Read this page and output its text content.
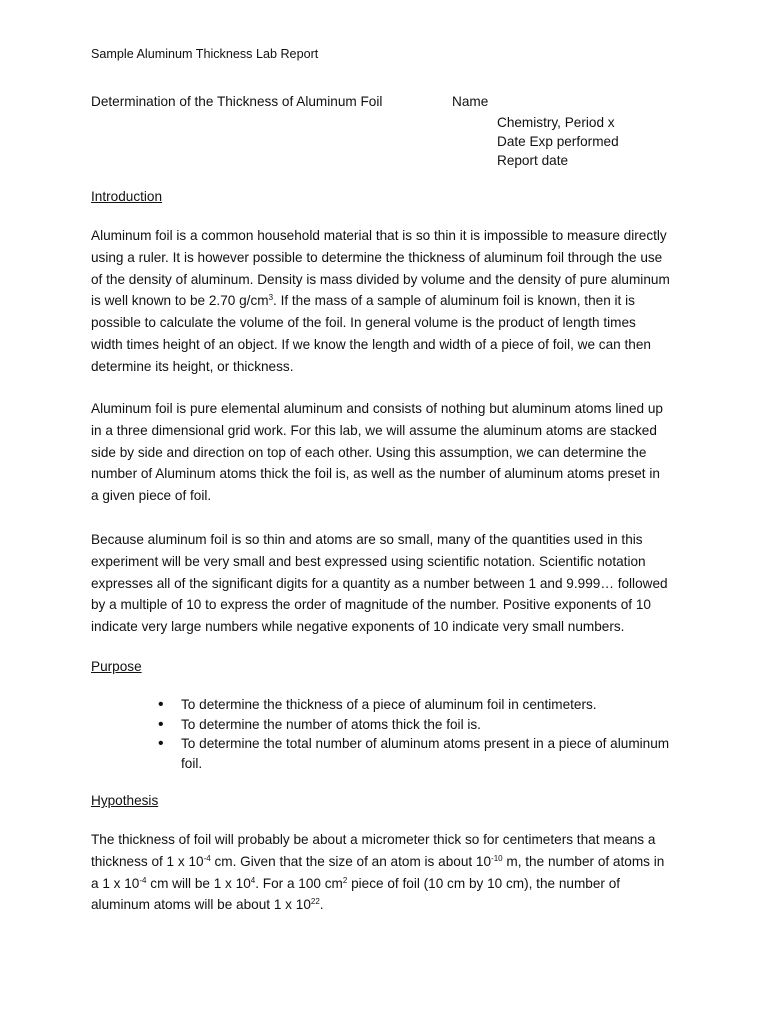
Sample Aluminum Thickness Lab Report
Determination of the Thickness of Aluminum Foil	Name
Chemistry, Period x
Date Exp performed
Report date
Introduction

Aluminum foil is a common household material that is so thin it is impossible to measure directly
using a ruler. It is however possible to determine the thickness of aluminum foil through the use
of the density of aluminum. Density is mass divided by volume and the density of pure aluminum
is well known to be 2.70 $g/cm^3$. If the mass of a sample of aluminum foil is known, then it is
possible to calculate the volume of the foil. In general volume is the product of length times
width times height of an object. If we know the length and width of a piece of foil, we can then
determine its height, or thickness.

Aluminum foil is pure elemental aluminum and consists of nothing but aluminum atoms lined up
in a three dimensional grid work. For this lab, we will assume the aluminum atoms are stacked
side by side and direction on top of each other. Using this assumption, we can determine the
number of Aluminum atoms thick the foil is, as well as the number of aluminum atoms preset in
a given piece of foil.

Because aluminum foil is so thin and atoms are so small, many of the quantities used in this
experiment will be very small and best expressed using scientific notation. Scientific notation
expresses all of the significant digits for a quantity as a number between 1 and 9.999… followed
by a multiple of 10 to express the order of magnitude of the number. Positive exponents of 10
indicate very large numbers while negative exponents of 10 indicate very small numbers.

Purpose
• To determine the thickness of a piece of aluminum foil in centimeters.
• To determine the number of atoms thick the foil is.
• To determine the total number of aluminum atoms present in a piece of aluminum foil.
Hypothesis

The thickness of foil will probably be about a micrometer thick so for centimeters that means a
thickness of 1 x $10^{-4}$ cm. Given that the size of an atom is about $10^{-10}$ m, the number of atoms in
a 1 x $10^{-4}$ cm will be 1 x $10^4$. For a 100 $cm^2$ piece of foil (10 cm by 10 cm), the number of
aluminum atoms will be about 1 x $10^{22}$.
